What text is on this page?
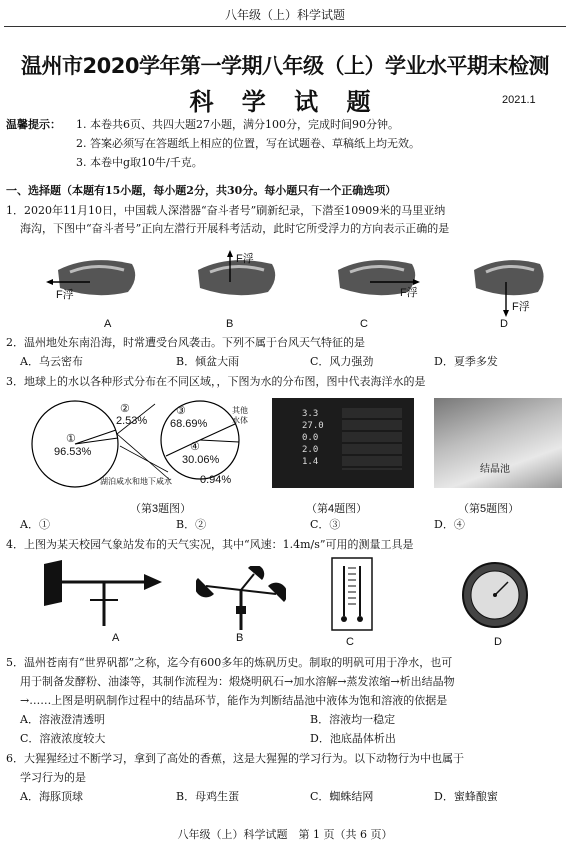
八年级（上）科学试题
温州市2020学年第一学期八年级（上）学业水平期末检测
科 学 试 题	2021.1
温馨提示： 1. 本卷共6页、共四大题27小题，满分100分，完成时间90分钟。
2. 答案必须写在答题纸上相应的位置，写在试题卷、草稿纸上均无效。
3. 本卷中g取10牛/千克。
一、选择题（本题有15小题，每小题2分，共30分。每小题只有一个正确选项）
1．2020年11月10日，中国载人深潜器“奋斗者号”刷新纪录，下潜至10909米的马里亚纳
海沟，下图中“奋斗者号”正向左潜行开展科考活动，此时它所受浮力的方向表示正确的是
F浮
A
F浮
B
F浮
C
F浮
D
2．温州地处东南沿海，时常遭受台风袭击。下列不属于台风天气特征的是
A．乌云密布	B．倾盆大雨	C．风力强劲	D．夏季多发
3．地球上的水以各种形式分布在不同区域，，下图为水的分布图，图中代表海洋水的是
①
96.53%
②
2.53%
③
68.69%
④
30.06%
其他水体
湖泊咸水和地下咸水	0.94%
3.3
27.0
0.0
2.0
1.4
结晶池
（第3题图）	（第4题图）	（第5题图）
A．①	B．②	C．③	D．④
4．上图为某天校园气象站发布的天气实况，其中“风速：1.4m/s”可用的测量工具是
A	B	C	D
5．温州苍南有“世界矾都”之称，迄今有600多年的炼矾历史。制取的明矾可用于净水，也可
用于制备发酵粉、油漆等，其制作流程为：煅烧明矾石→加水溶解→蒸发浓缩→析出结晶物
→……上图是明矾制作过程中的结晶环节，能作为判断结晶池中液体为饱和溶液的依据是
A．溶液澄清透明	B．溶液均一稳定
C．溶液浓度较大	D．池底晶体析出
6．大猩猩经过不断学习，拿到了高处的香蕉，这是大猩猩的学习行为。以下动物行为中也属于
学习行为的是
A．海豚顶球	B．母鸡生蛋	C．蜘蛛结网	D．蜜蜂酿蜜
八年级（上）科学试题　第 1 页（共 6 页）
